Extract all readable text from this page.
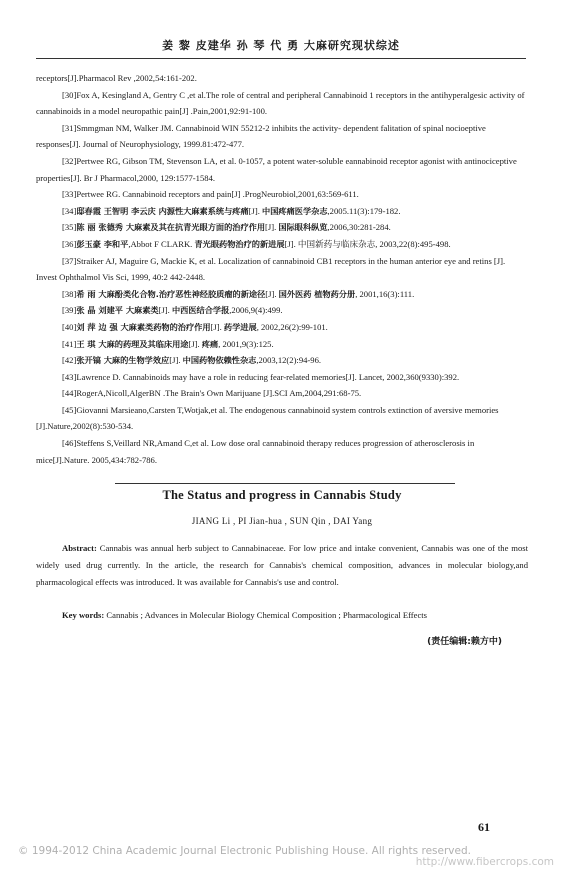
姜 黎 皮建华 孙 琴 代 勇 大麻研究现状综述

receptors[J].Pharmacol Rev ,2002,54:161-202.

[30]Fox A, Kesingland A, Gentry C ,et al.The role of central and peripheral Cannabinoid 1 receptors in the antihyperalgesic activity of cannabinoids in a model neuropathic pain[J] .Pain,2001,92:91-100.

[31]Smmgman NM, Walker JM. Cannabinoid WIN 55212-2 inhibits the activity- dependent falitation of spinal nocioeptive responses[J]. Journal of Neurophysiology, 1999.81:472-477.

[32]Pertwee RG, Gibson TM, Stevenson LA, et al. 0-1057, a potent water-soluble eannabinoid receptor agonist with antinociceptive properties[J]. Br J Pharmacol,2000, 129:1577-1584.

[33]Pertwee RG. Cannabinoid receptors and pain[J] .ProgNeurobiol,2001,63:569-611.

[34]邸春霞 王智明 李云庆 内源性大麻素系统与疼痛[J]. 中国疼痛医学杂志,2005.11(3):179-182.

[35]陈 丽 张德秀 大麻素及其在抗青光眼方面的治疗作用[J]. 国际眼科纵览,2006,30:281-284.

[36]彭玉豪 李和平,Abbot F CLARK. 青光眼药物治疗的新进展[J]. 中国新药与临床杂志, 2003,22(8):495-498.

[37]Straiker AJ, Maguire G, Mackie K, et al. Localization of cannabinoid CB1 receptors in the human anterior eye and retins [J]. Invest Ophthalmol Vis Sci, 1999, 40:2 442-2448.

[38]希 雨 大麻酚类化合物.治疗恶性神经胶质瘤的新途径[J]. 国外医药 植物药分册, 2001,16(3):111.

[39]张 晶 刘建平 大麻素类[J]. 中西医结合学报,2006,9(4):499.

[40]刘 萍 边 强 大麻素类药物的治疗作用[J]. 药学进展, 2002,26(2):99-101.

[41]王 琪 大麻的药理及其临床用途[J]. 疼痛, 2001,9(3):125.

[42]张开镐 大麻的生物学效应[J]. 中国药物依赖性杂志,2003,12(2):94-96.

[43]Lawrence D. Cannabinoids may have a role in reducing fear-related memories[J]. Lancet, 2002,360(9330):392.

[44]RogerA,Nicoll,AlgerBN .The Brain's Own Marijuane [J].SCI Am,2004,291:68-75.

[45]Giovanni Marsieano,Carsten T,Wotjak,et al. The endogenous cannabinoid system controls extinction of aversive memories [J].Nature,2002(8):530-534.

[46]Steffens S,Veillard NR,Amand C,et al. Low dose oral cannabinoid therapy reduces progression of atherosclerosis in mice[J].Nature. 2005,434:782-786.

The Status and progress in Cannabis Study
JIANG Li , PI Jian-hua , SUN Qin , DAI Yang
Abstract: Cannabis was annual herb subject to Cannabinaceae. For low price and intake convenient, Cannabis was one of the most widely used drug currently. In the article, the research for Cannabis's chemical composition, advances in molecular biology,and pharmacological effects was introduced. It was available for Cannabis's use and control.
Key words: Cannabis ; Advances in Molecular Biology Chemical Composition ; Pharmacological Effects
(责任编辑:赖方中)
61
© 1994-2012 China Academic Journal Electronic Publishing House. All rights reserved.
http://www.fibercrops.com
